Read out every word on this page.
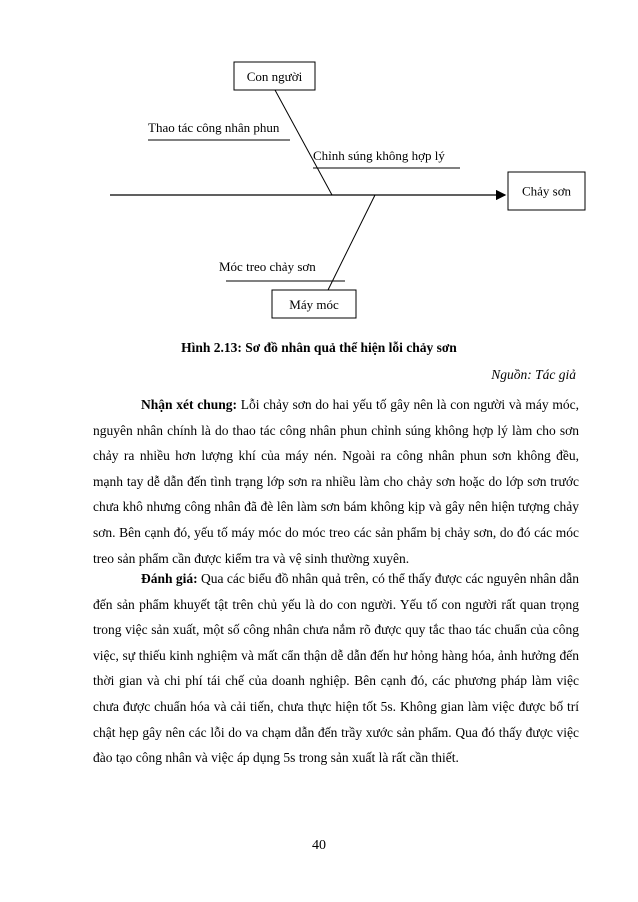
Chảy sơn
Con người
Thao tác công nhân phun
Chỉnh súng không hợp lý
Máy móc
Móc treo chảy sơn
Hình 2.13: Sơ đồ nhân quả thể hiện lỗi chảy sơn
Nguồn: Tác giả

Nhận xét chung: Lỗi chảy sơn do hai yếu tố gây nên là con người và máy móc, nguyên nhân chính là do thao tác công nhân phun chỉnh súng không hợp lý làm cho sơn chảy ra nhiều hơn lượng khí của máy nén. Ngoài ra công nhân phun sơn không đều, mạnh tay dễ dẫn đến tình trạng lớp sơn ra nhiều làm cho chảy sơn hoặc do lớp sơn trước chưa khô nhưng công nhân đã đè lên làm sơn bám không kịp và gây nên hiện tượng chảy sơn. Bên cạnh đó, yếu tố máy móc do móc treo các sản phẩm bị chảy sơn, do đó các móc treo sản phẩm cần được kiểm tra và vệ sinh thường xuyên.

Đánh giá: Qua các biểu đồ nhân quả trên, có thể thấy được các nguyên nhân dẫn đến sản phẩm khuyết tật trên chủ yếu là do con người. Yếu tố con người rất quan trọng trong việc sản xuất, một số công nhân chưa nắm rõ được quy tắc thao tác chuẩn của công việc, sự thiếu kinh nghiệm và mất cẩn thận dễ dẫn đến hư hỏng hàng hóa, ảnh hưởng đến thời gian và chi phí tái chế của doanh nghiệp. Bên cạnh đó, các phương pháp làm việc chưa được chuẩn hóa và cải tiến, chưa thực hiện tốt 5s. Không gian làm việc được bố trí chật hẹp gây nên các lỗi do va chạm dẫn đến trầy xước sản phẩm. Qua đó thấy được việc đào tạo công nhân và việc áp dụng 5s trong sản xuất là rất cần thiết.

40
